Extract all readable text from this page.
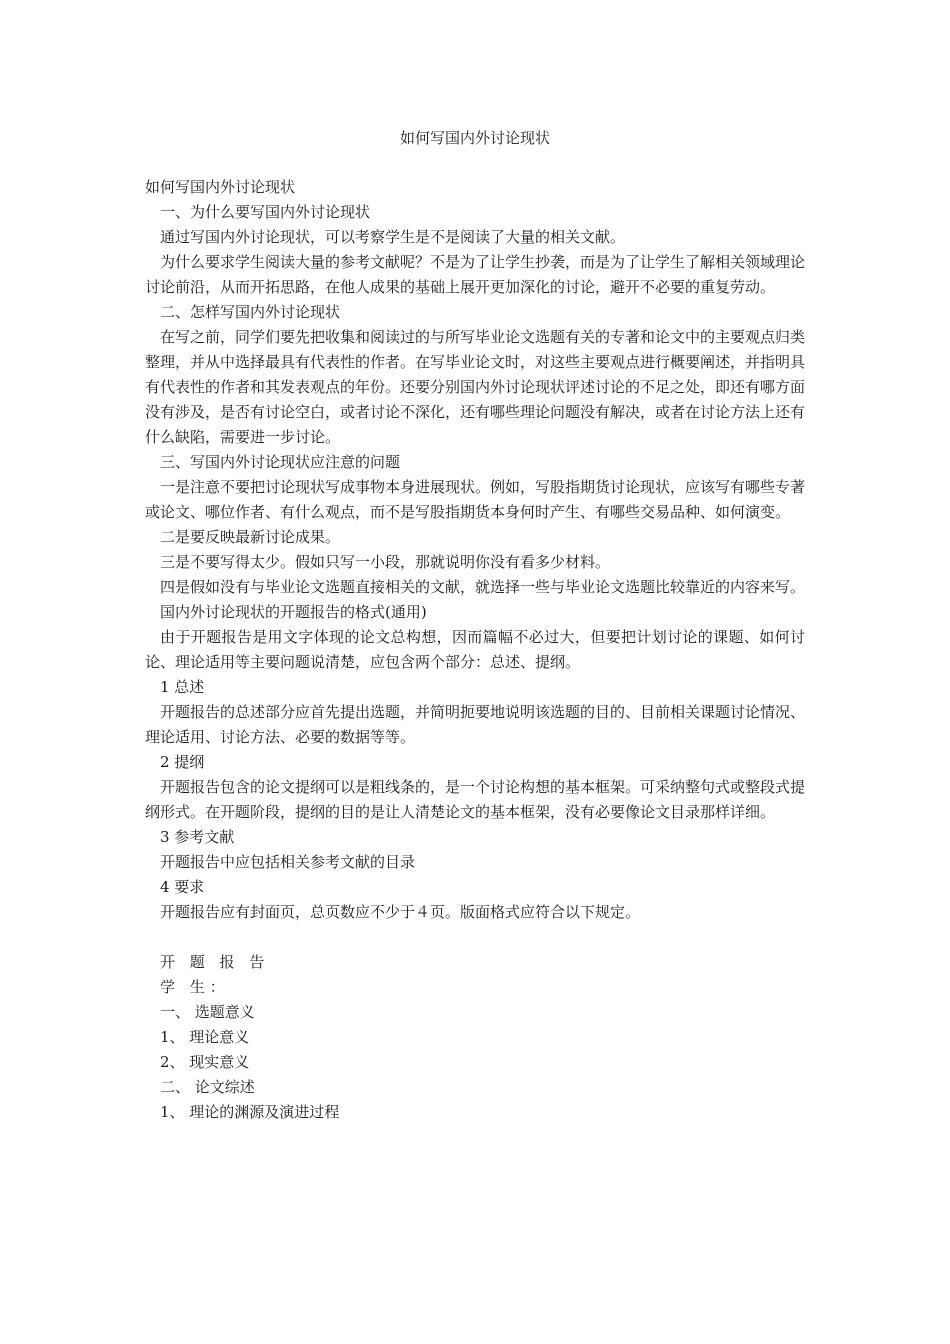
如何写国内外讨论现状

如何写国内外讨论现状

一、为什么要写国内外讨论现状

通过写国内外讨论现状，可以考察学生是不是阅读了大量的相关文献。

为什么要求学生阅读大量的参考文献呢？不是为了让学生抄袭，而是为了让学生了解相关领域理论讨论前沿，从而开拓思路，在他人成果的基础上展开更加深化的讨论，避开不必要的重复劳动。

二、怎样写国内外讨论现状

在写之前，同学们要先把收集和阅读过的与所写毕业论文选题有关的专著和论文中的主要观点归类整理，并从中选择最具有代表性的作者。在写毕业论文时，对这些主要观点进行概要阐述，并指明具有代表性的作者和其发表观点的年份。还要分别国内外讨论现状评述讨论的不足之处，即还有哪方面没有涉及，是否有讨论空白，或者讨论不深化，还有哪些理论问题没有解决，或者在讨论方法上还有什么缺陷，需要进一步讨论。

三、写国内外讨论现状应注意的问题

一是注意不要把讨论现状写成事物本身进展现状。例如，写股指期货讨论现状，应该写有哪些专著或论文、哪位作者、有什么观点，而不是写股指期货本身何时产生、有哪些交易品种、如何演变。

二是要反映最新讨论成果。

三是不要写得太少。假如只写一小段，那就说明你没有看多少材料。

四是假如没有与毕业论文选题直接相关的文献，就选择一些与毕业论文选题比较靠近的内容来写。

国内外讨论现状的开题报告的格式(通用)

由于开题报告是用文字体现的论文总构想，因而篇幅不必过大，但要把计划讨论的课题、如何讨论、理论适用等主要问题说清楚，应包含两个部分：总述、提纲。

1 总述

开题报告的总述部分应首先提出选题，并简明扼要地说明该选题的目的、目前相关课题讨论情况、理论适用、讨论方法、必要的数据等等。

2 提纲

开题报告包含的论文提纲可以是粗线条的，是一个讨论构想的基本框架。可采纳整句式或整段式提纲形式。在开题阶段，提纲的目的是让人清楚论文的基本框架，没有必要像论文目录那样详细。

3 参考文献

开题报告中应包括相关参考文献的目录

4 要求

开题报告应有封面页，总页数应不少于４页。版面格式应符合以下规定。

开 题 报 告

学 生：

一、 选题意义

1、 理论意义

2、 现实意义

二、 论文综述

1、 理论的渊源及演进过程
